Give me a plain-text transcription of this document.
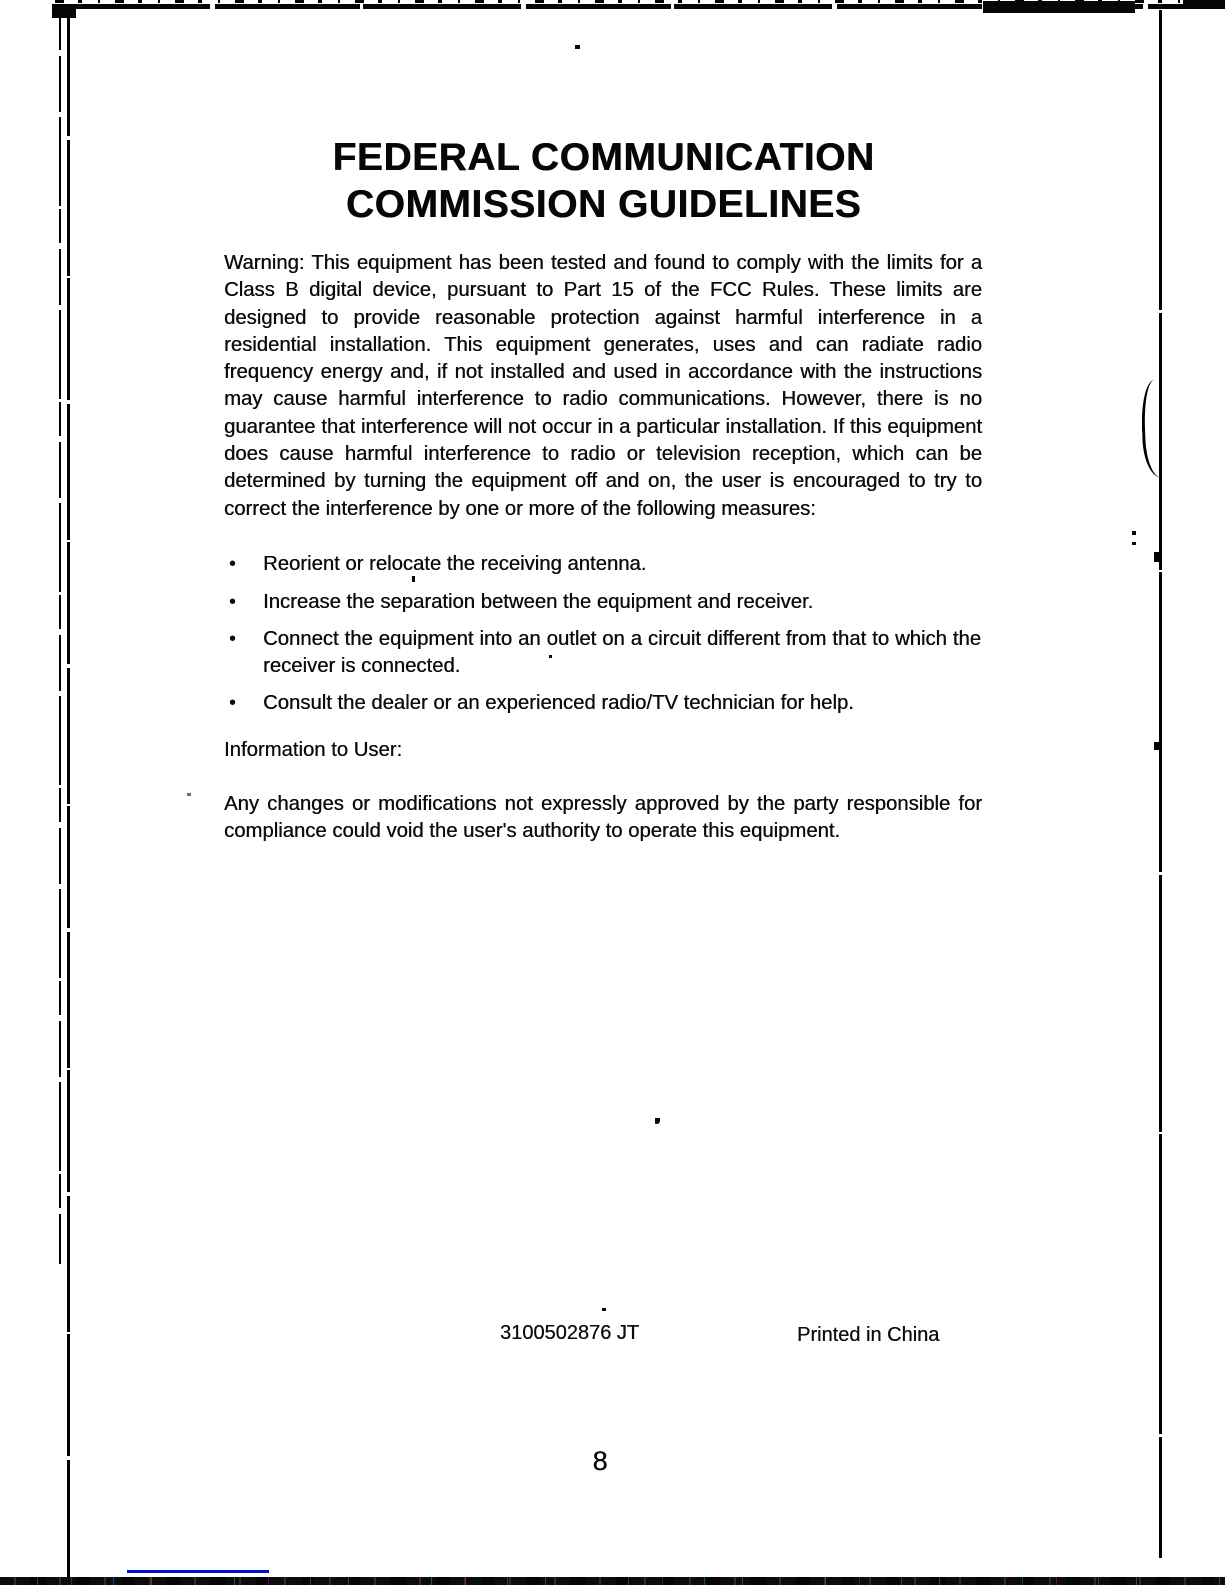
FEDERAL COMMUNICATION
COMMISSION GUIDELINES

Warning: This equipment has been tested and found to comply with the limits for a Class B digital device, pursuant to Part 15 of the FCC Rules. These limits are designed to provide reasonable protection against harmful interference in a residential installation. This equipment generates, uses and can radiate radio frequency energy and, if not installed and used in accordance with the instructions may cause harmful interference to radio communications. However, there is no guarantee that interference will not occur in a particular installation. If this equipment does cause harmful interference to radio or television reception, which can be determined by turning the equipment off and on, the user is encouraged to try to correct the interference by one or more of the following measures:

•	Reorient or relocate the receiving antenna.
•	Increase the separation between the equipment and receiver.
•	Connect the equipment into an outlet on a circuit different from that to which the receiver is connected.
•	Consult the dealer or an experienced radio/TV technician for help.
Information to User:

Any changes or modifications not expressly approved by the party responsible for compliance could void the user's authority to operate this equipment.

3100502876 JT	Printed in China
8
